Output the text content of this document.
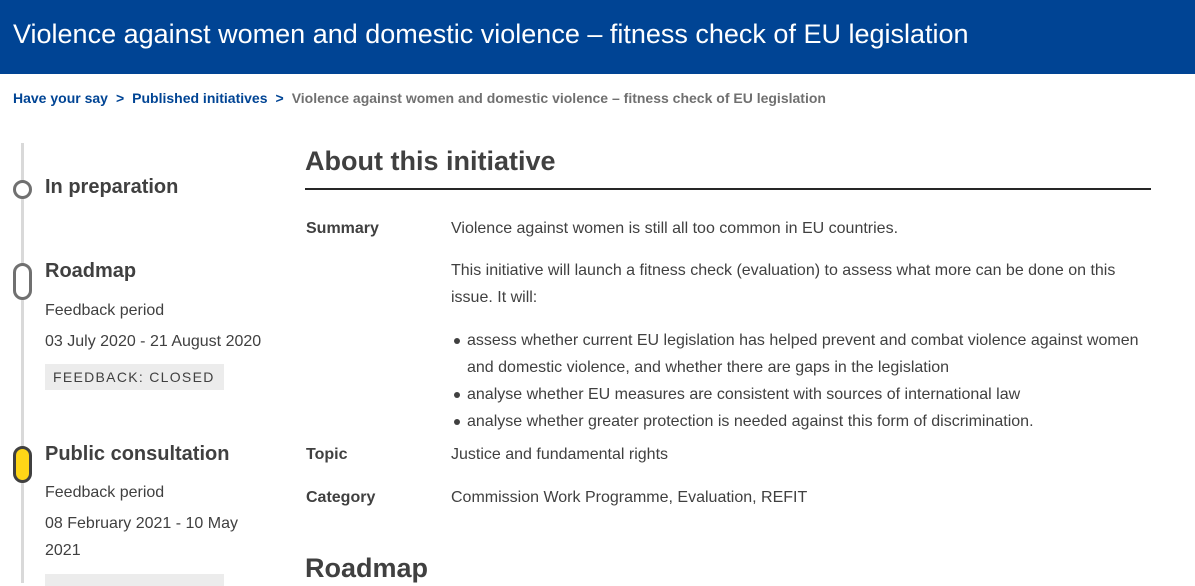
Violence against women and domestic violence – fitness check of EU legislation
Have your say > Published initiatives > Violence against women and domestic violence – fitness check of EU legislation
In preparation
Roadmap
Feedback period
03 July 2020 - 21 August 2020
FEEDBACK: CLOSED
Public consultation
Feedback period
08 February 2021 - 10 May
2021
About this initiative
Summary	Violence against women is still all too common in EU countries.
This initiative will launch a fitness check (evaluation) to assess what more can be done on this issue. It will:
assess whether current EU legislation has helped prevent and combat violence against women and domestic violence, and whether there are gaps in the legislation
analyse whether EU measures are consistent with sources of international law
analyse whether greater protection is needed against this form of discrimination.
Topic	Justice and fundamental rights
Category	Commission Work Programme, Evaluation, REFIT
Roadmap
